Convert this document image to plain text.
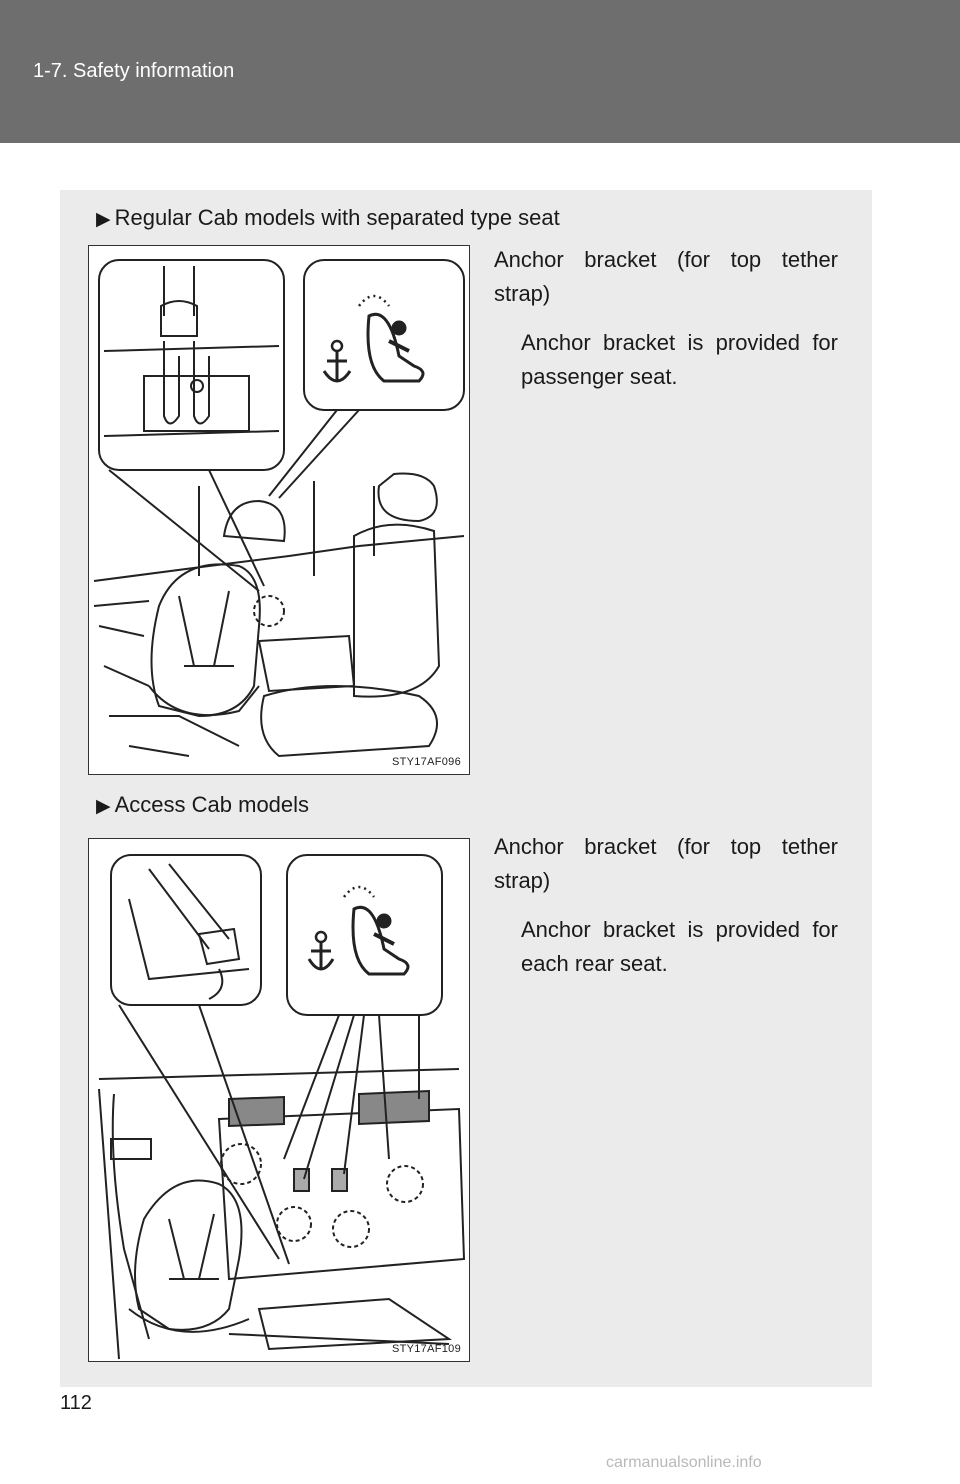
1-7. Safety information
▶ Regular Cab models with separated type seat
STY17AF096
Anchor bracket (for top tether strap)
Anchor bracket is provided for passenger seat.
▶ Access Cab models
STY17AF109
Anchor bracket (for top tether strap)
Anchor bracket is provided for each rear seat.
112
carmanualsonline.info
